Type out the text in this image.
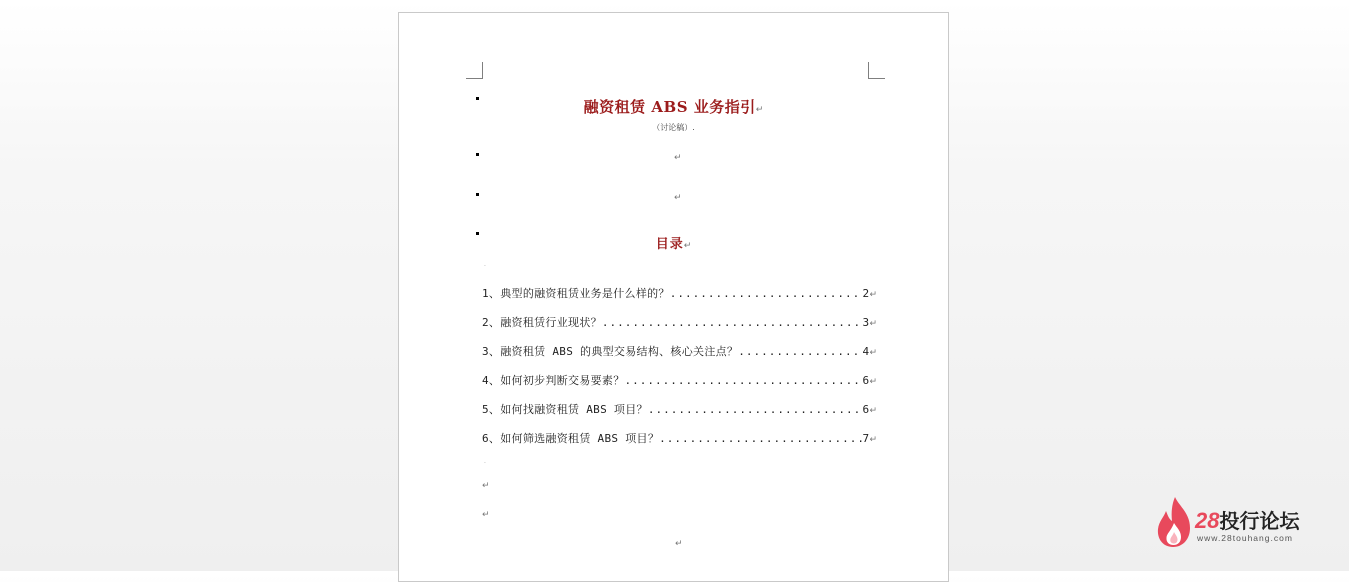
融资租赁 ABS 业务指引↵
（讨论稿）.
↵
↵
目录↵
.
1、典型的融资租赁业务是什么样的？ .....	2 ↵
2、融资租赁行业现状？ .....	3 ↵
3、融资租赁 ABS 的典型交易结构、核心关注点？ .....	4 ↵
4、如何初步判断交易要素？ .....	6 ↵
5、如何找融资租赁 ABS 项目？ .....	6 ↵
6、如何筛选融资租赁 ABS 项目？ .....	7 ↵
.
↵
↵
↵
28投行论坛
www.28touhang.com
